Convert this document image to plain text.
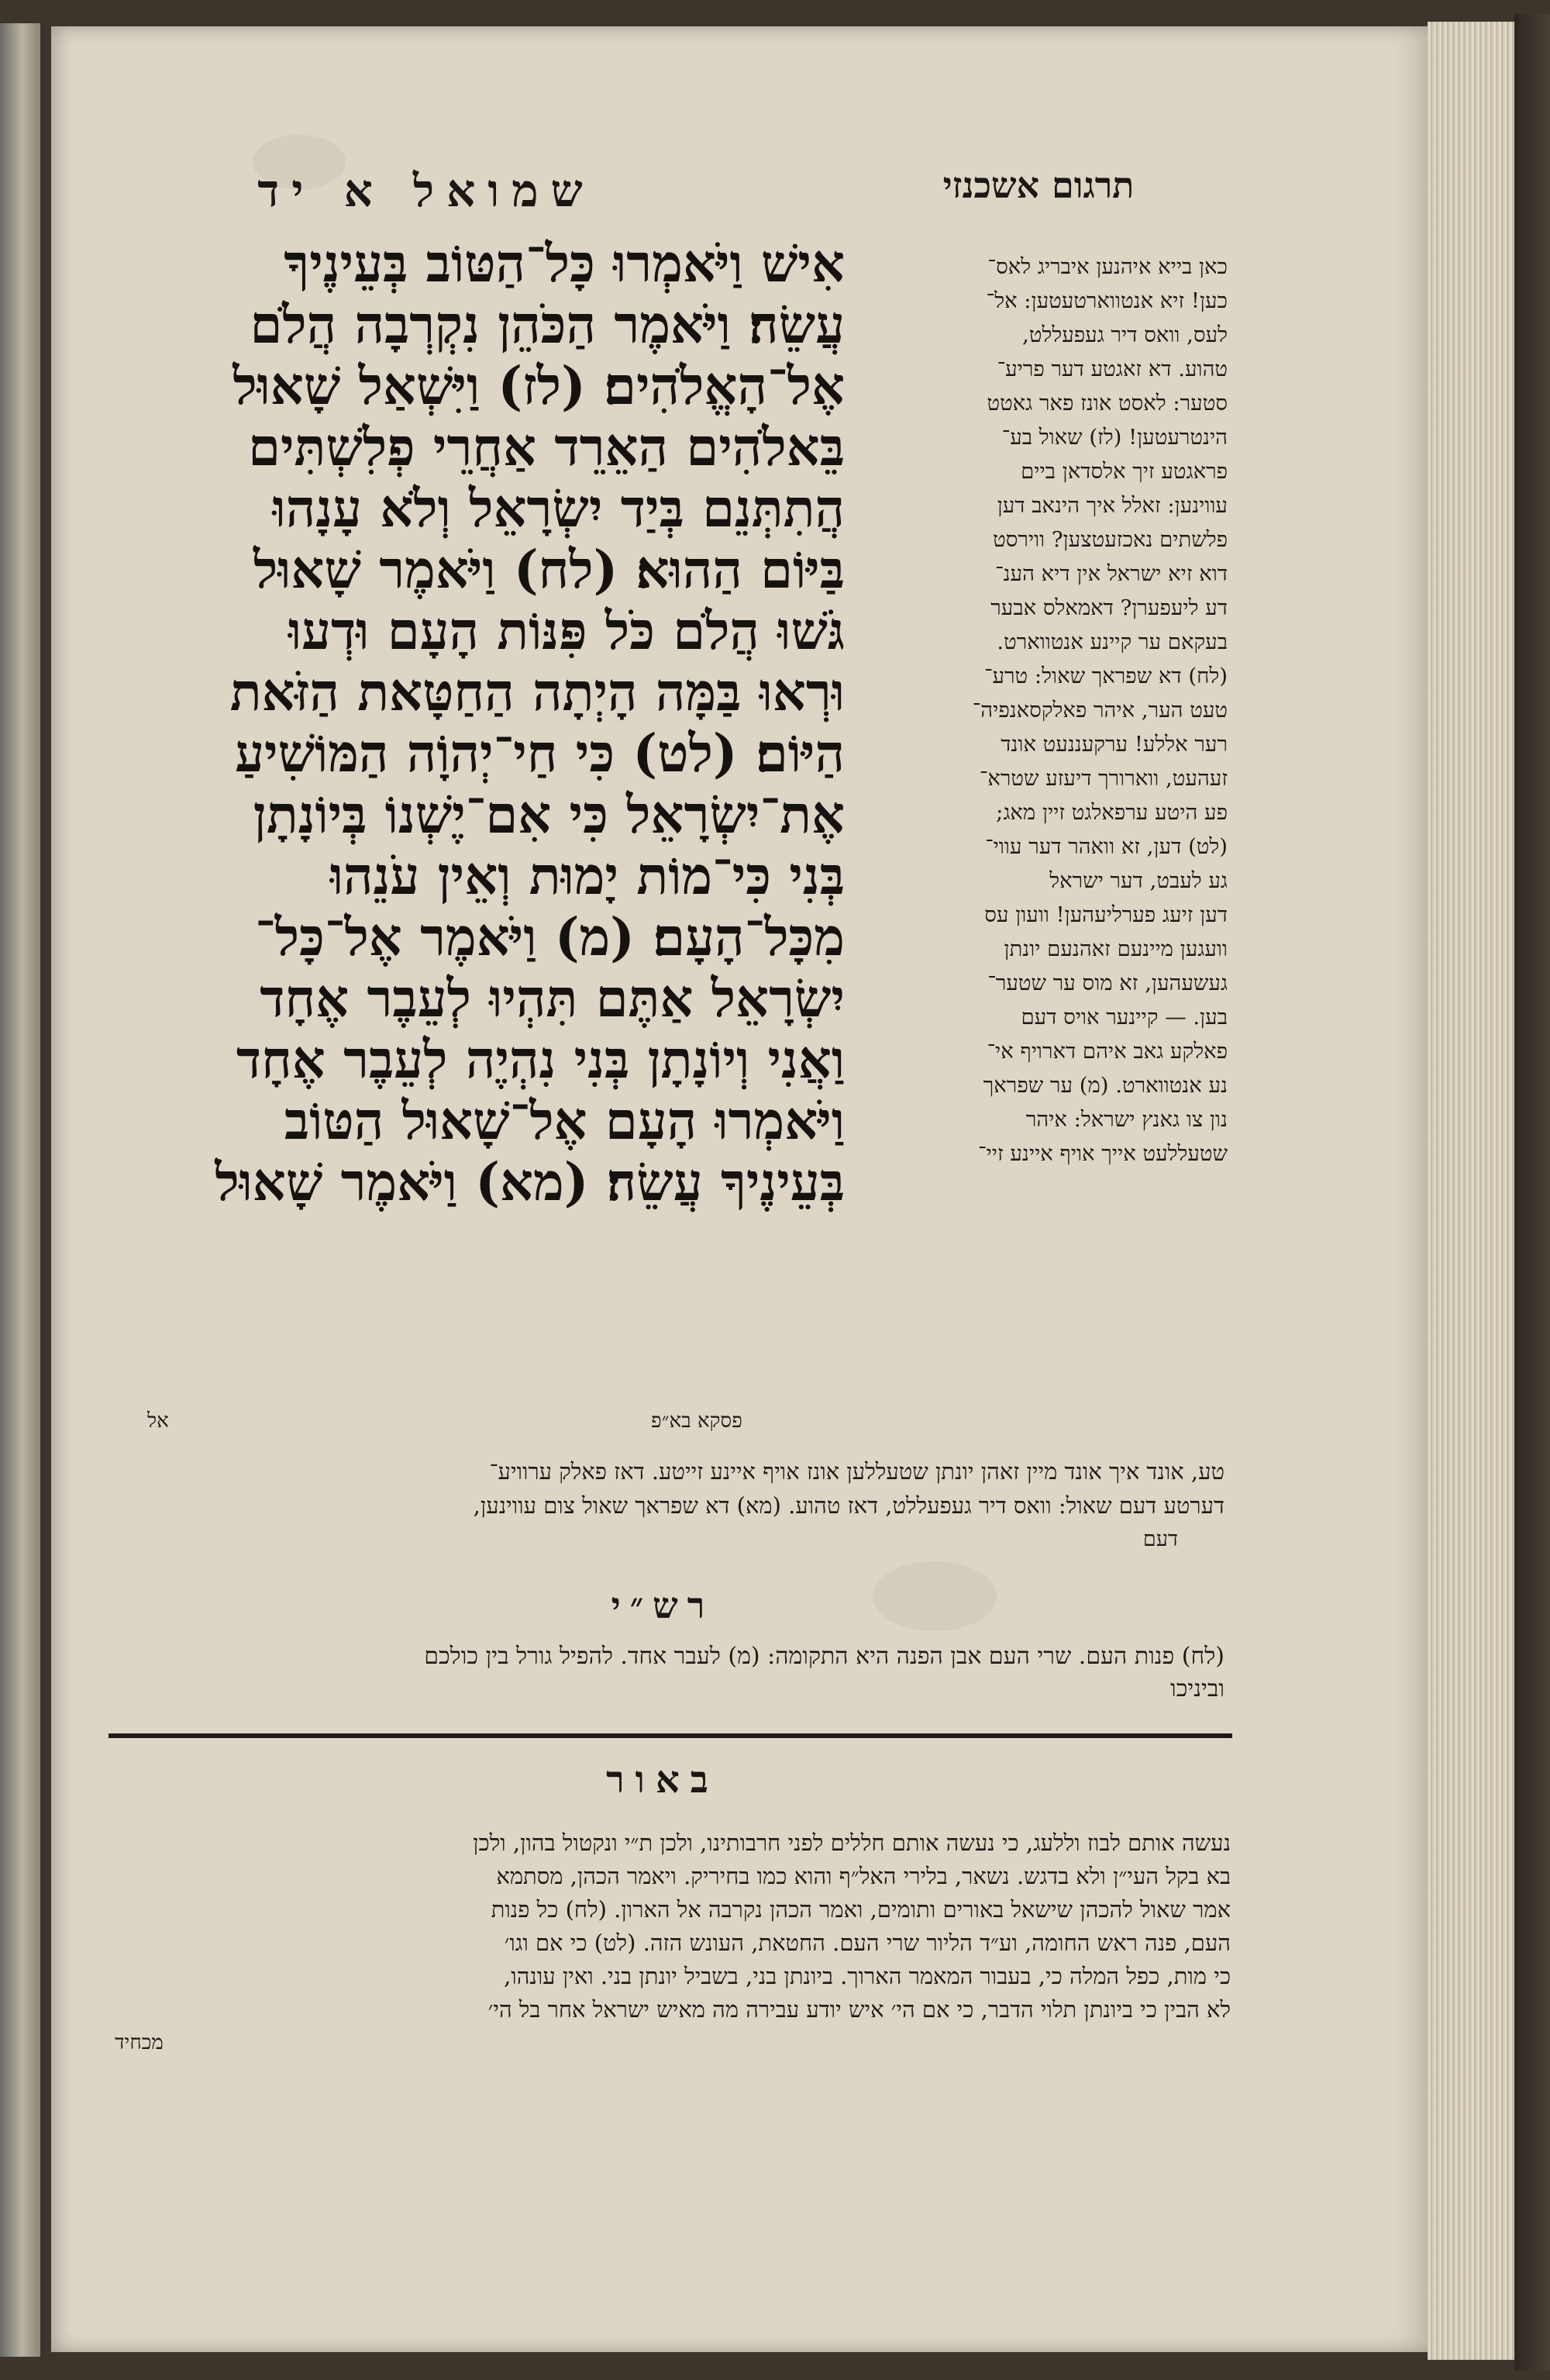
שמואל א יד	תרגום אשכנזי
אִישׁ וַיֹּאמְרוּ כָּל־הַטּוֹב בְּעֵינֶיךָ
עֲשֵׂה׃ וַיֹּאמֶר הַכֹּהֵן נִקְרְבָה הֲלֹם
אֶל־הָאֱלֹהִים׃ (לז) וַיִּשְׁאַל שָׁאוּל
בֵּאלֹהִים הַאֵרֵד אַחֲרֵי פְלִשְׁתִּים
הֲתִתְּנֵם בְּיַד יִשְׂרָאֵל וְלֹא עָנָהוּ
בַּיּוֹם הַהוּא׃ (לח) וַיֹּאמֶר שָׁאוּל
גֹּשׁוּ הֲלֹם כֹּל פִּנּוֹת הָעָם וּדְעוּ
וּרְאוּ בַּמָּה הָיְתָה הַחַטָּאת הַזֹּאת
הַיּוֹם׃ (לט) כִּי חַי־יְהוָֹה הַמּוֹשִׁיעַ
אֶת־יִשְׂרָאֵל כִּי אִם־יֶשְׁנוֹ בְּיוֹנָתָן
בְּנִי כִּי־מוֹת יָמוּת וְאֵין עֹנֵהוּ
מִכָּל־הָעָם׃ (מ) וַיֹּאמֶר אֶל־כָּל־
יִשְׂרָאֵל אַתֶּם תִּהְיוּ לְעֵבֶר אֶחָד
וַאֲנִי וְיוֹנָתָן בְּנִי נִהְיֶה לְעֵבֶר אֶחָד
וַיֹּאמְרוּ הָעָם אֶל־שָׁאוּל הַטּוֹב
בְּעֵינֶיךָ עֲשֵׂה׃ (מא) וַיֹּאמֶר שָׁאוּל
אל	פסקא בא״פ
כאן בייא איהנען איבריג לאס־
כען! זיא אנטווארטעטען: אל־
לעס, וואס דיר געפעללט,
טהוע. דא זאגטע דער פריע־
סטער: לאסט אונז פאר גאטט
הינטרעטען! (לז) שאול בע־
פראגטע זיך אלסדאן ביים
עווינען: זאלל איך הינאב דען
פלשתים נאכזעטצען? ווירסט
דוא זיא ישראל אין דיא הענ־
דע ליעפערן? דאמאלס אבער
בעקאם ער קיינע אנטווארט.
(לח) דא שפראך שאול: טרע־
טעט הער, איהר פאלקסאנפיה־
רער אללע! ערקעננעט אונד
זעהעט, ווארורך דיעזע שטרא־
פע היטע ערפאלגט זיין מאג;
(לט) דען, זא וואהר דער עווי־
גע לעבט, דער ישראל
דען זיעג פערליעהען! וועון עס
וועגען מיינעם זאהנעם יונתן
געשעהען, זא מוס ער שטער־
בען. — קיינער אויס דעם
פאלקע גאב איהם דארויף אי־
נע אנטווארט. (מ) ער שפראך
נון צו גאנץ ישראל: איהר
שטעללעט אייך אויף איינע זיי־
טע, אונד איך אונד מיין זאהן יונתן שטעללען אונז אויף איינע זייטע. דאז פאלק ערוויע־
דערטע דעם שאול: וואס דיר געפעללט, דאז טהוע. (מא) דא שפראך שאול צום עווינען,
דעם
רש״י
(לח) פנות העם. שרי העם אבן הפנה היא התקומה: (מ) לעבר אחד. להפיל גורל בין כולכם
וביניכו
באור
נעשה אותם לבוז וללעג, כי נעשה אותם חללים לפני חרבותינו, ולכן ת״י ונקטול בהון, ולכן
בא בקל העי״ן ולא בדגש. נשאר, בלירי האל״ף והוא כמו בחיריק. ויאמר הכהן, מסתמא
אמר שאול להכהן שישאל באורים ותומים, ואמר הכהן נקרבה אל הארון. (לח) כל פנות
העם, פנה ראש החומה, וע״ד הליור שרי העם. החטאת, העונש הזה. (לט) כי אם וגו׳
כי מות, כפל המלה כי, בעבור המאמר הארוך. ביונתן בני, בשביל יונתן בני. ואין עונהו,
לא הבין כי ביונתן תלוי הדבר, כי אם הי׳ איש יודע עבירה מה מאיש ישראל אחר בל הי׳
מכחיד
